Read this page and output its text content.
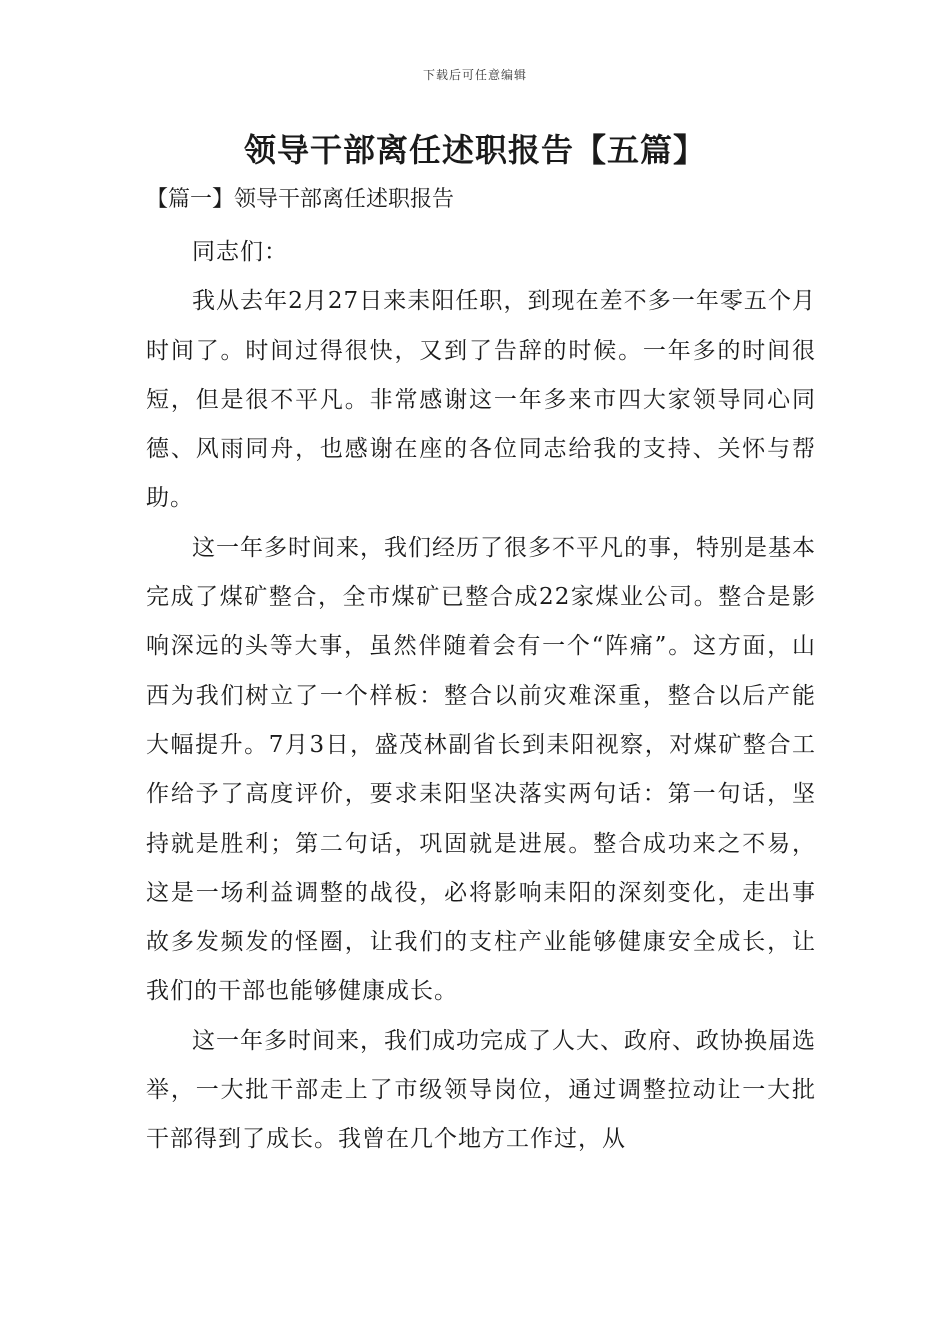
下载后可任意编辑
领导干部离任述职报告【五篇】
【篇一】领导干部离任述职报告

同志们：

我从去年2月27日来耒阳任职，到现在差不多一年零五个月时间了。时间过得很快，又到了告辞的时候。一年多的时间很短，但是很不平凡。非常感谢这一年多来市四大家领导同心同德、风雨同舟，也感谢在座的各位同志给我的支持、关怀与帮助。

这一年多时间来，我们经历了很多不平凡的事，特别是基本完成了煤矿整合，全市煤矿已整合成22家煤业公司。整合是影响深远的头等大事，虽然伴随着会有一个“阵痛”。这方面，山西为我们树立了一个样板：整合以前灾难深重，整合以后产能大幅提升。7月3日，盛茂林副省长到耒阳视察，对煤矿整合工作给予了高度评价，要求耒阳坚决落实两句话：第一句话，坚持就是胜利；第二句话，巩固就是进展。整合成功来之不易，这是一场利益调整的战役，必将影响耒阳的深刻变化，走出事故多发频发的怪圈，让我们的支柱产业能够健康安全成长，让我们的干部也能够健康成长。

这一年多时间来，我们成功完成了人大、政府、政协换届选举，一大批干部走上了市级领导岗位，通过调整拉动让一大批干部得到了成长。我曾在几个地方工作过，从
